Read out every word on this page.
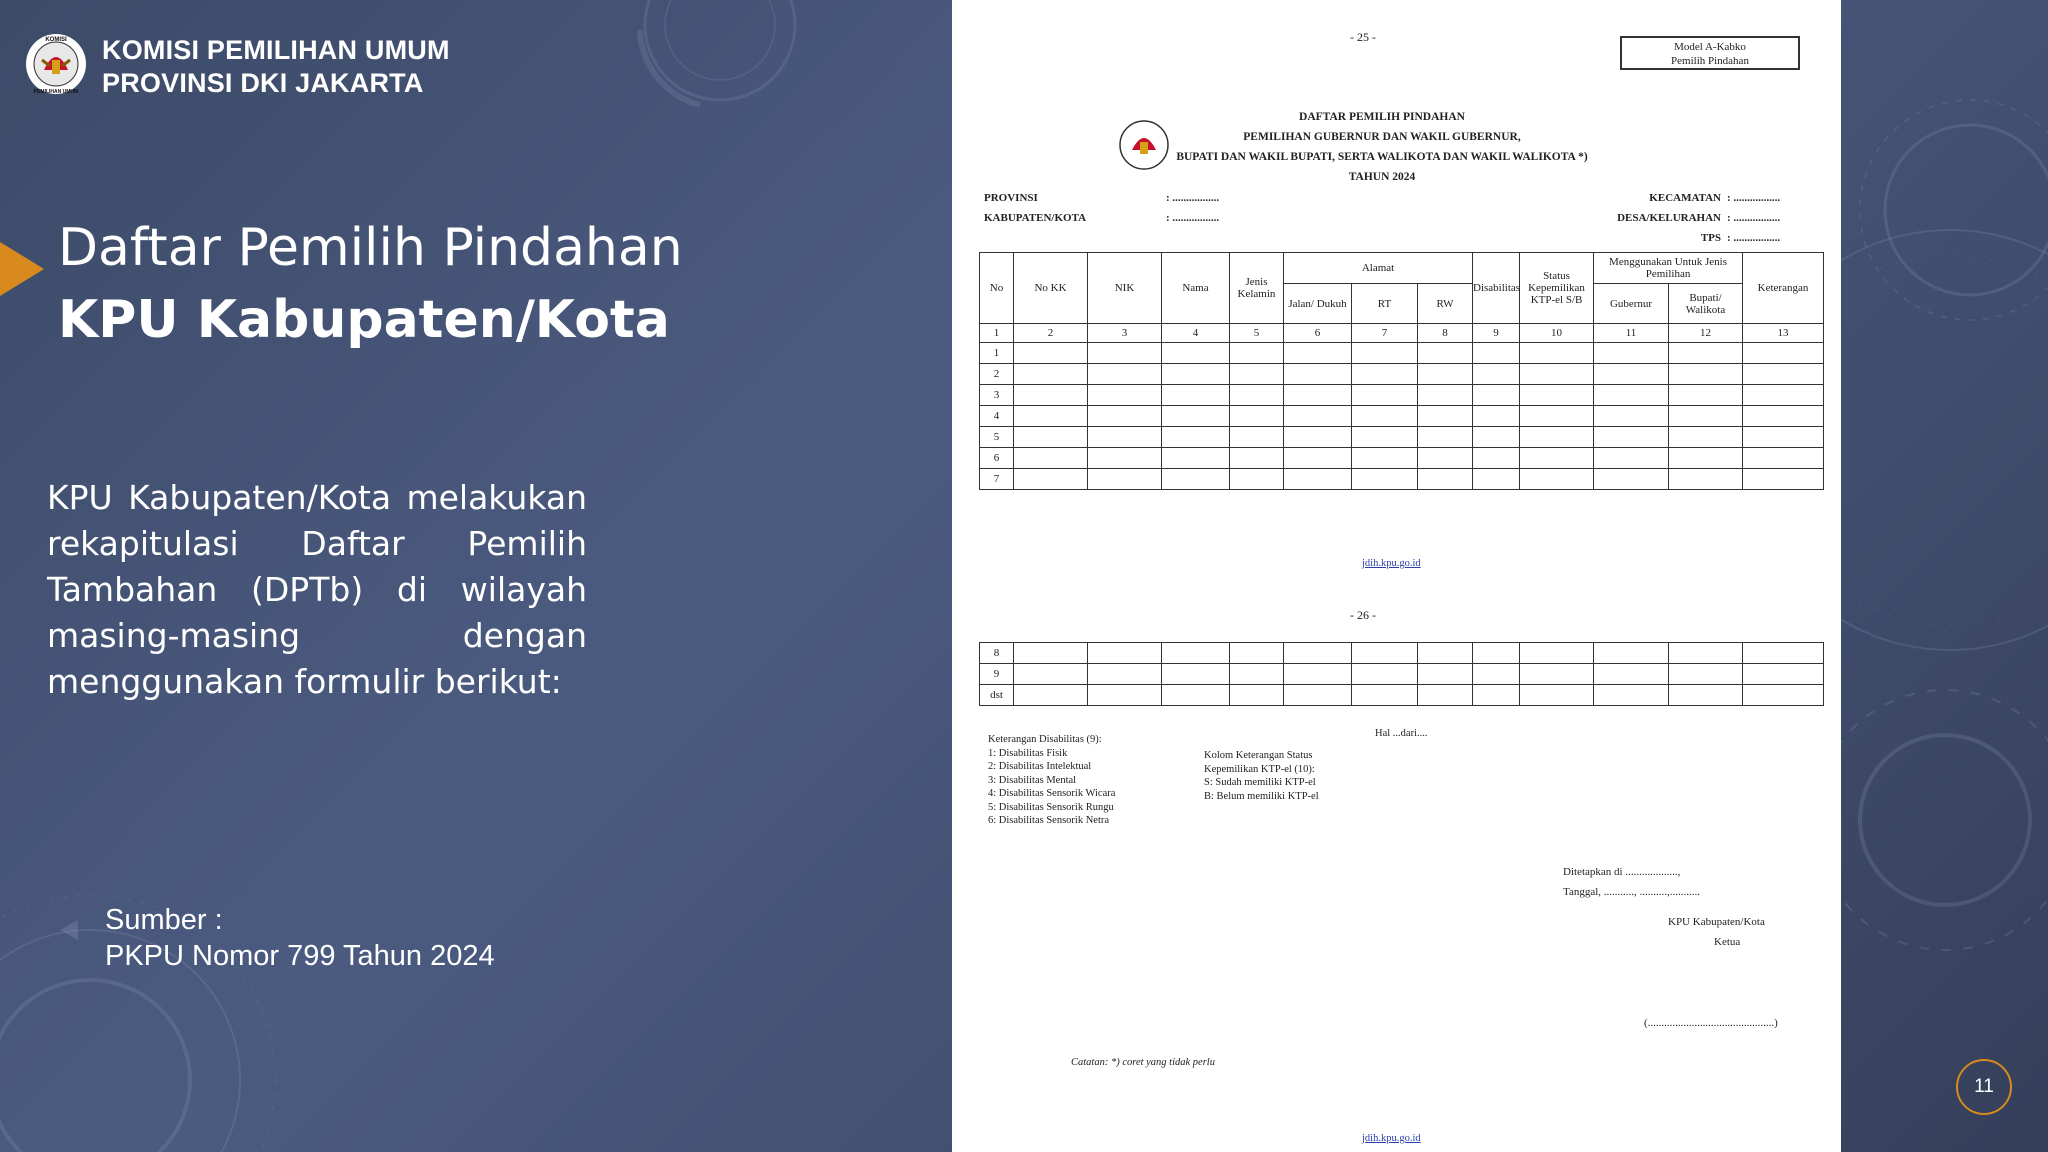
KOMISI
PEMILIHAN UMUM
KOMISI PEMILIHAN UMUM
PROVINSI DKI JAKARTA
Daftar Pemilih Pindahan KPU Kabupaten/Kota
KPU Kabupaten/Kota melakukan rekapitulasi Daftar Pemilih Tambahan (DPTb) di wilayah masing-masing dengan menggunakan formulir berikut:
Sumber :
PKPU Nomor 799 Tahun 2024
11
- 25 -
Model A-Kabko
Pemilih Pindahan
DAFTAR PEMILIH PINDAHAN
PEMILIHAN GUBERNUR DAN WAKIL GUBERNUR,
BUPATI DAN WAKIL BUPATI, SERTA WALIKOTA DAN WAKIL WALIKOTA *)
TAHUN 2024
PROVINSI	: .................
KABUPATEN/KOTA	: .................
KECAMATAN : .................
DESA/KELURAHAN : .................
TPS : .................
No	No KK	NIK	Nama	Jenis Kelamin	Alamat			Disabilitas	Status Kepemilikan KTP-el S/B	Menggunakan Untuk Jenis Pemilihan		Keterangan
					Jalan/ Dukuh	RT	RW			Gubernur	Bupati/ Walikota	
1	2	3	4	5	6	7	8	9	10	11	12	13
1												
2												
3												
4												
5												
6												
7												
jdih.kpu.go.id
- 26 -
8												
9												
dst												
Hal ...dari....
Keterangan Disabilitas (9):
1: Disabilitas Fisik
2: Disabilitas Intelektual
3: Disabilitas Mental
4: Disabilitas Sensorik Wicara
5: Disabilitas Sensorik Rungu
6: Disabilitas Sensorik Netra
Kolom Keterangan Status
Kepemilikan KTP-el (10):
S: Sudah memiliki KTP-el
B: Belum memiliki KTP-el
Ditetapkan di ...................,
Tanggal, ..........., ..........,...........
KPU Kabupaten/Kota
Ketua
(..............................................)
Catatan: *) coret yang tidak perlu
jdih.kpu.go.id
